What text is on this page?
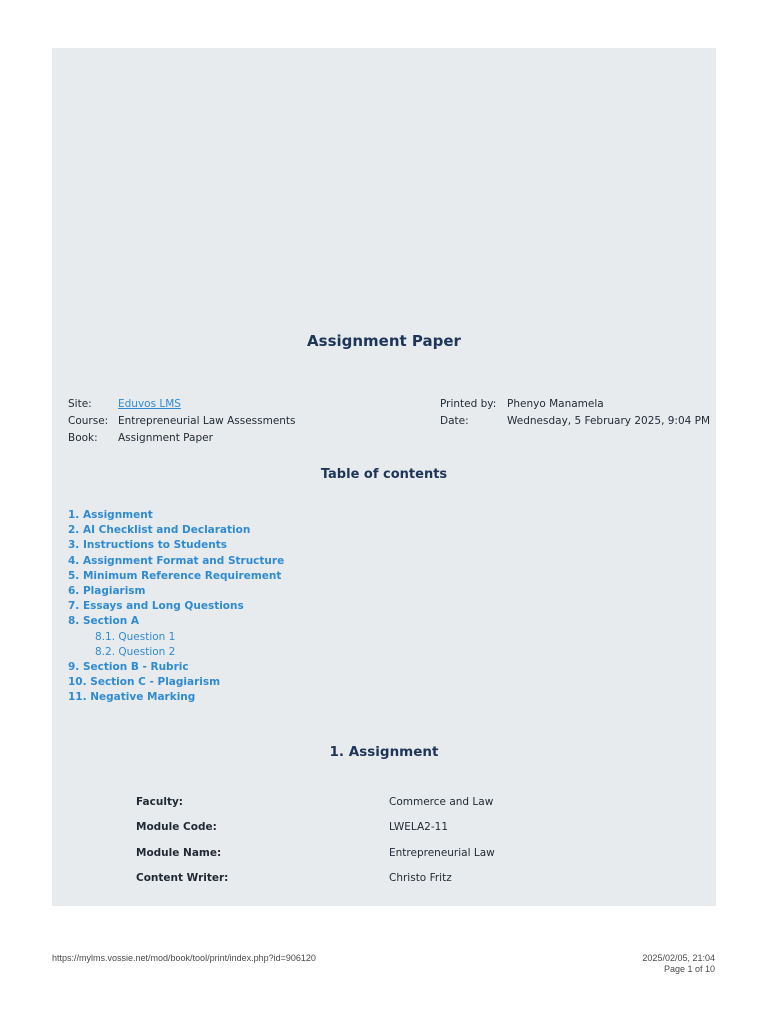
Assignment Paper
Site:	Eduvos LMS
Course: Entrepreneurial Law Assessments
Book:	Assignment Paper
Printed by:	Phenyo Manamela
Date:	Wednesday, 5 February 2025, 9:04 PM
Table of contents
1. Assignment
2. AI Checklist and Declaration
3. Instructions to Students
4. Assignment Format and Structure
5. Minimum Reference Requirement
6. Plagiarism
7. Essays and Long Questions
8. Section A
8.1. Question 1
8.2. Question 2
9. Section B - Rubric
10. Section C - Plagiarism
11. Negative Marking
1. Assignment
Faculty:	Commerce and Law
Module Code:	LWELA2-11
Module Name:	Entrepreneurial Law
Content Writer:	Christo Fritz
https://mylms.vossie.net/mod/book/tool/print/index.php?id=906120	2025/02/05, 21:04
Page 1 of 10
